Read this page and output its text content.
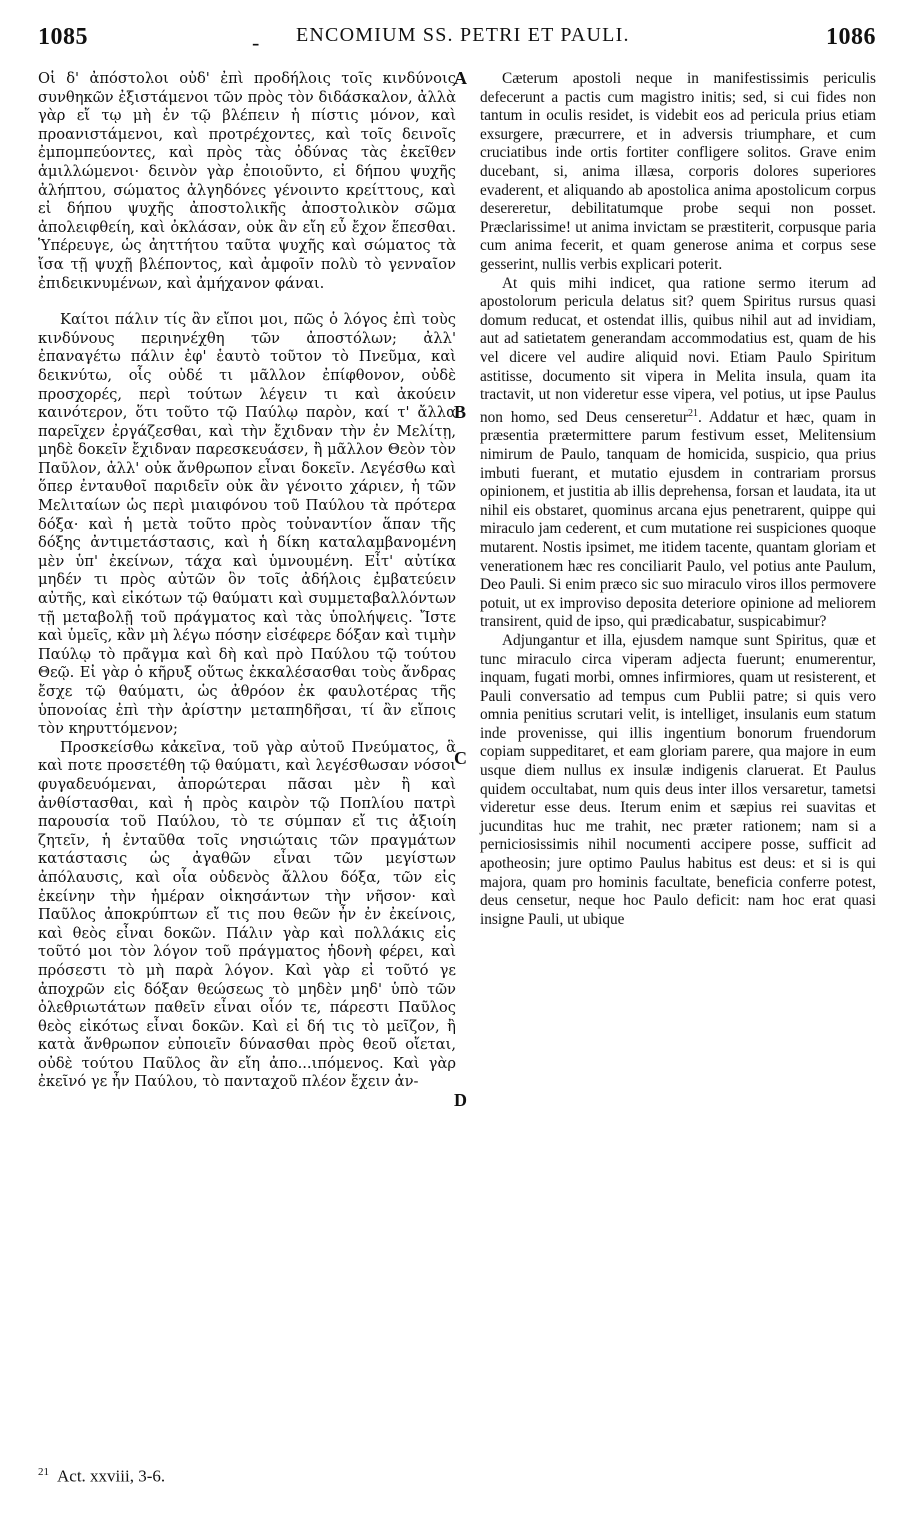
1085	- ENCOMIUM SS. PETRI ET PAULI.	1086
A
B
C
D

Οἱ δ' ἀπόστολοι οὐδ' ἐπὶ προδήλοις τοῖς κινδύνοις συνθηκῶν ἐξιστάμενοι τῶν πρὸς τὸν διδάσκαλον, ἀλλὰ γὰρ εἴ τῳ μὴ ἐν τῷ βλέπειν ἡ πίστις μόνον, καὶ προανιστάμενοι, καὶ προτρέχοντες, καὶ τοῖς δεινοῖς ἐμπομπεύοντες, καὶ πρὸς τὰς ὀδύνας τὰς ἐκεῖθεν ἁμιλλώμενοι· δεινὸν γὰρ ἐποιοῦντο, εἰ δήπου ψυχῆς ἀλήπτου, σώματος ἀλγηδόνες γένοιντο κρείττους, καὶ εἰ δήπου ψυχῆς ἀποστολικῆς ἀποστολικὸν σῶμα ἀπολειφθείη, καὶ ὀκλάσαν, οὐκ ἂν εἴη εὖ ἔχον ἕπεσθαι. Ὑπέρευγε, ὡς ἀηττήτου ταῦτα ψυχῆς καὶ σώματος τὰ ἴσα τῇ ψυχῇ βλέποντος, καὶ ἀμφοῖν πολὺ τὸ γενναῖον ἐπιδεικνυμένων, καὶ ἀμήχανον φάναι.

Καίτοι πάλιν τίς ἂν εἴποι μοι, πῶς ὁ λόγος ἐπὶ τοὺς κινδύνους περιηνέχθη τῶν ἀποστόλων; ἀλλ' ἐπαναγέτω πάλιν ἐφ' ἑαυτὸ τοῦτον τὸ Πνεῦμα, καὶ δεικνύτω, οἷς οὐδέ τι μᾶλλον ἐπίφθονον, οὐδὲ προσχορές, περὶ τούτων λέγειν τι καὶ ἀκούειν καινότερον, ὅτι τοῦτο τῷ Παύλῳ παρὸν, καί τ' ἄλλα παρεῖχεν ἐργάζεσθαι, καὶ τὴν ἔχιδναν τὴν ἐν Μελίτῃ, μηδὲ δοκεῖν ἔχιδναν παρεσκευάσεν, ἢ μᾶλλον Θεὸν τὸν Παῦλον, ἀλλ' οὐκ ἄνθρωπον εἶναι δοκεῖν. Λεγέσθω καὶ ὅπερ ἐνταυθοῖ παριδεῖν οὐκ ἂν γένοιτο χάριεν, ἡ τῶν Μελιταίων ὡς περὶ μιαιφόνου τοῦ Παύλου τὰ πρότερα δόξα· καὶ ἡ μετὰ τοῦτο πρὸς τοὐναντίον ἅπαν τῆς δόξης ἀντιμετάστασις, καὶ ἡ δίκη καταλαμβανομένη μὲν ὑπ' ἐκείνων, τάχα καὶ ὑμνουμένη. Εἶτ' αὐτίκα μηδέν τι πρὸς αὐτῶν ὃν τοῖς ἀδήλοις ἐμβατεύειν αὐτῆς, καὶ εἰκότων τῷ θαύματι καὶ συμμεταβαλλόντων τῇ μεταβολῇ τοῦ πράγματος καὶ τὰς ὑπολήψεις. Ἴστε καὶ ὑμεῖς, κἂν μὴ λέγω πόσην εἰσέφερε δόξαν καὶ τιμὴν Παύλῳ τὸ πρᾶγμα καὶ δὴ καὶ πρὸ Παύλου τῷ τούτου Θεῷ. Εἰ γὰρ ὁ κῆρυξ οὕτως ἐκκαλέσασθαι τοὺς ἄνδρας ἔσχε τῷ θαύματι, ὡς ἀθρόον ἐκ φαυλοτέρας τῆς ὑπονοίας ἐπὶ τὴν ἀρίστην μεταπηδῆσαι, τί ἂν εἴποις τὸν κηρυττόμενον;

Προσκείσθω κἀκεῖνα, τοῦ γὰρ αὐτοῦ Πνεύματος, ἃ καὶ ποτε προσετέθη τῷ θαύματι, καὶ λεγέσθωσαν νόσοι φυγαδευόμεναι, ἀπορώτεραι πᾶσαι μὲν ἢ καὶ ἀνθίστασθαι, καὶ ἡ πρὸς καιρὸν τῷ Ποπλίου πατρὶ παρουσία τοῦ Παύλου, τὸ τε σύμπαν εἴ τις ἀξιοίη ζητεῖν, ἡ ἐνταῦθα τοῖς νησιώταις τῶν πραγμάτων κατάστασις ὡς ἀγαθῶν εἶναι τῶν μεγίστων ἀπόλαυσις, καὶ οἷα οὐδενὸς ἄλλου δόξα, τῶν εἰς ἐκείνην τὴν ἡμέραν οἰκησάντων τὴν νῆσον· καὶ Παῦλος ἀποκρύπτων εἴ τις που θεῶν ἦν ἐν ἐκείνοις, καὶ θεὸς εἶναι δοκῶν. Πάλιν γὰρ καὶ πολλάκις εἰς τοῦτό μοι τὸν λόγον τοῦ πράγματος ἡδονὴ φέρει, καὶ πρόσεστι τὸ μὴ παρὰ λόγον. Καὶ γὰρ εἰ τοῦτό γε ἀποχρῶν εἰς δόξαν θεώσεως τὸ μηδὲν μηδ' ὑπὸ τῶν ὀλεθριωτάτων παθεῖν εἶναι οἷόν τε, πάρεστι Παῦλος θεὸς εἰκότως εἶναι δοκῶν. Καὶ εἰ δή τις τὸ μεῖζον, ἢ κατὰ ἄνθρωπον εὐποιεῖν δύνασθαι πρὸς θεοῦ οἴεται, οὐδὲ τούτου Παῦλος ἂν εἴη ἀπο...ιπόμενος. Καὶ γὰρ ἐκεῖνό γε ἦν Παύλου, τὸ πανταχοῦ πλέον ἔχειν ἀν-

Cæterum apostoli neque in manifestissimis periculis defecerunt a pactis cum magistro initis; sed, si cui fides non tantum in oculis residet, is videbit eos ad pericula prius etiam exsurgere, præcurrere, et in adversis triumphare, et cum cruciatibus inde ortis fortiter confligere solitos. Grave enim ducebant, si, anima illæsa, corporis dolores superiores evaderent, et aliquando ab apostolica anima apostolicum corpus desereretur, debilitatumque probe sequi non posset. Præclarissime! ut anima invictam se præstiterit, corpusque paria cum anima fecerit, et quam generose anima et corpus sese gesserint, nullis verbis explicari poterit.

At quis mihi indicet, qua ratione sermo iterum ad apostolorum pericula delatus sit? quem Spiritus rursus quasi domum reducat, et ostendat illis, quibus nihil aut ad invidiam, aut ad satietatem generandam accommodatius est, quam de his vel dicere vel audire aliquid novi. Etiam Paulo Spiritum astitisse, documento sit vipera in Melita insula, quam ita tractavit, ut non videretur esse vipera, vel potius, ut ipse Paulus non homo, sed Deus censeretur$^{21}$. Addatur et hæc, quam in præsentia prætermittere parum festivum esset, Melitensium nimirum de Paulo, tanquam de homicida, suspicio, qua prius imbuti fuerant, et mutatio ejusdem in contrariam prorsus opinionem, et justitia ab illis deprehensa, forsan et laudata, ita ut nihil eis obstaret, quominus arcana ejus penetrarent, quippe qui miraculo jam cederent, et cum mutatione rei suspiciones quoque mutarent. Nostis ipsimet, me itidem tacente, quantam gloriam et venerationem hæc res conciliarit Paulo, vel potius ante Paulum, Deo Pauli. Si enim præco sic suo miraculo viros illos permovere potuit, ut ex improviso deposita deteriore opinione ad meliorem transirent, quid de ipso, qui prædicabatur, suspicabimur?

Adjungantur et illa, ejusdem namque sunt Spiritus, quæ et tunc miraculo circa viperam adjecta fuerunt; enumerentur, inquam, fugati morbi, omnes infirmiores, quam ut resisterent, et Pauli conversatio ad tempus cum Publii patre; si quis vero omnia penitius scrutari velit, is intelliget, insulanis eum statum inde provenisse, qui illis ingentium bonorum fruendorum copiam suppeditaret, et eam gloriam parere, qua majore in eum usque diem nullus ex insulæ indigenis claruerat. Et Paulus quidem occultabat, num quis deus inter illos versaretur, tametsi videretur esse deus. Iterum enim et sæpius rei suavitas et jucunditas huc me trahit, nec præter rationem; nam si a perniciosissimis nihil nocumenti accipere posse, sufficit ad apotheosin; jure optimo Paulus habitus est deus: et si is qui majora, quam pro hominis facultate, beneficia conferre potest, deus censetur, neque hoc Paulo deficit: nam hoc erat quasi insigne Pauli, ut ubique

$^{21}$ Act. xxviii, 3-6.
